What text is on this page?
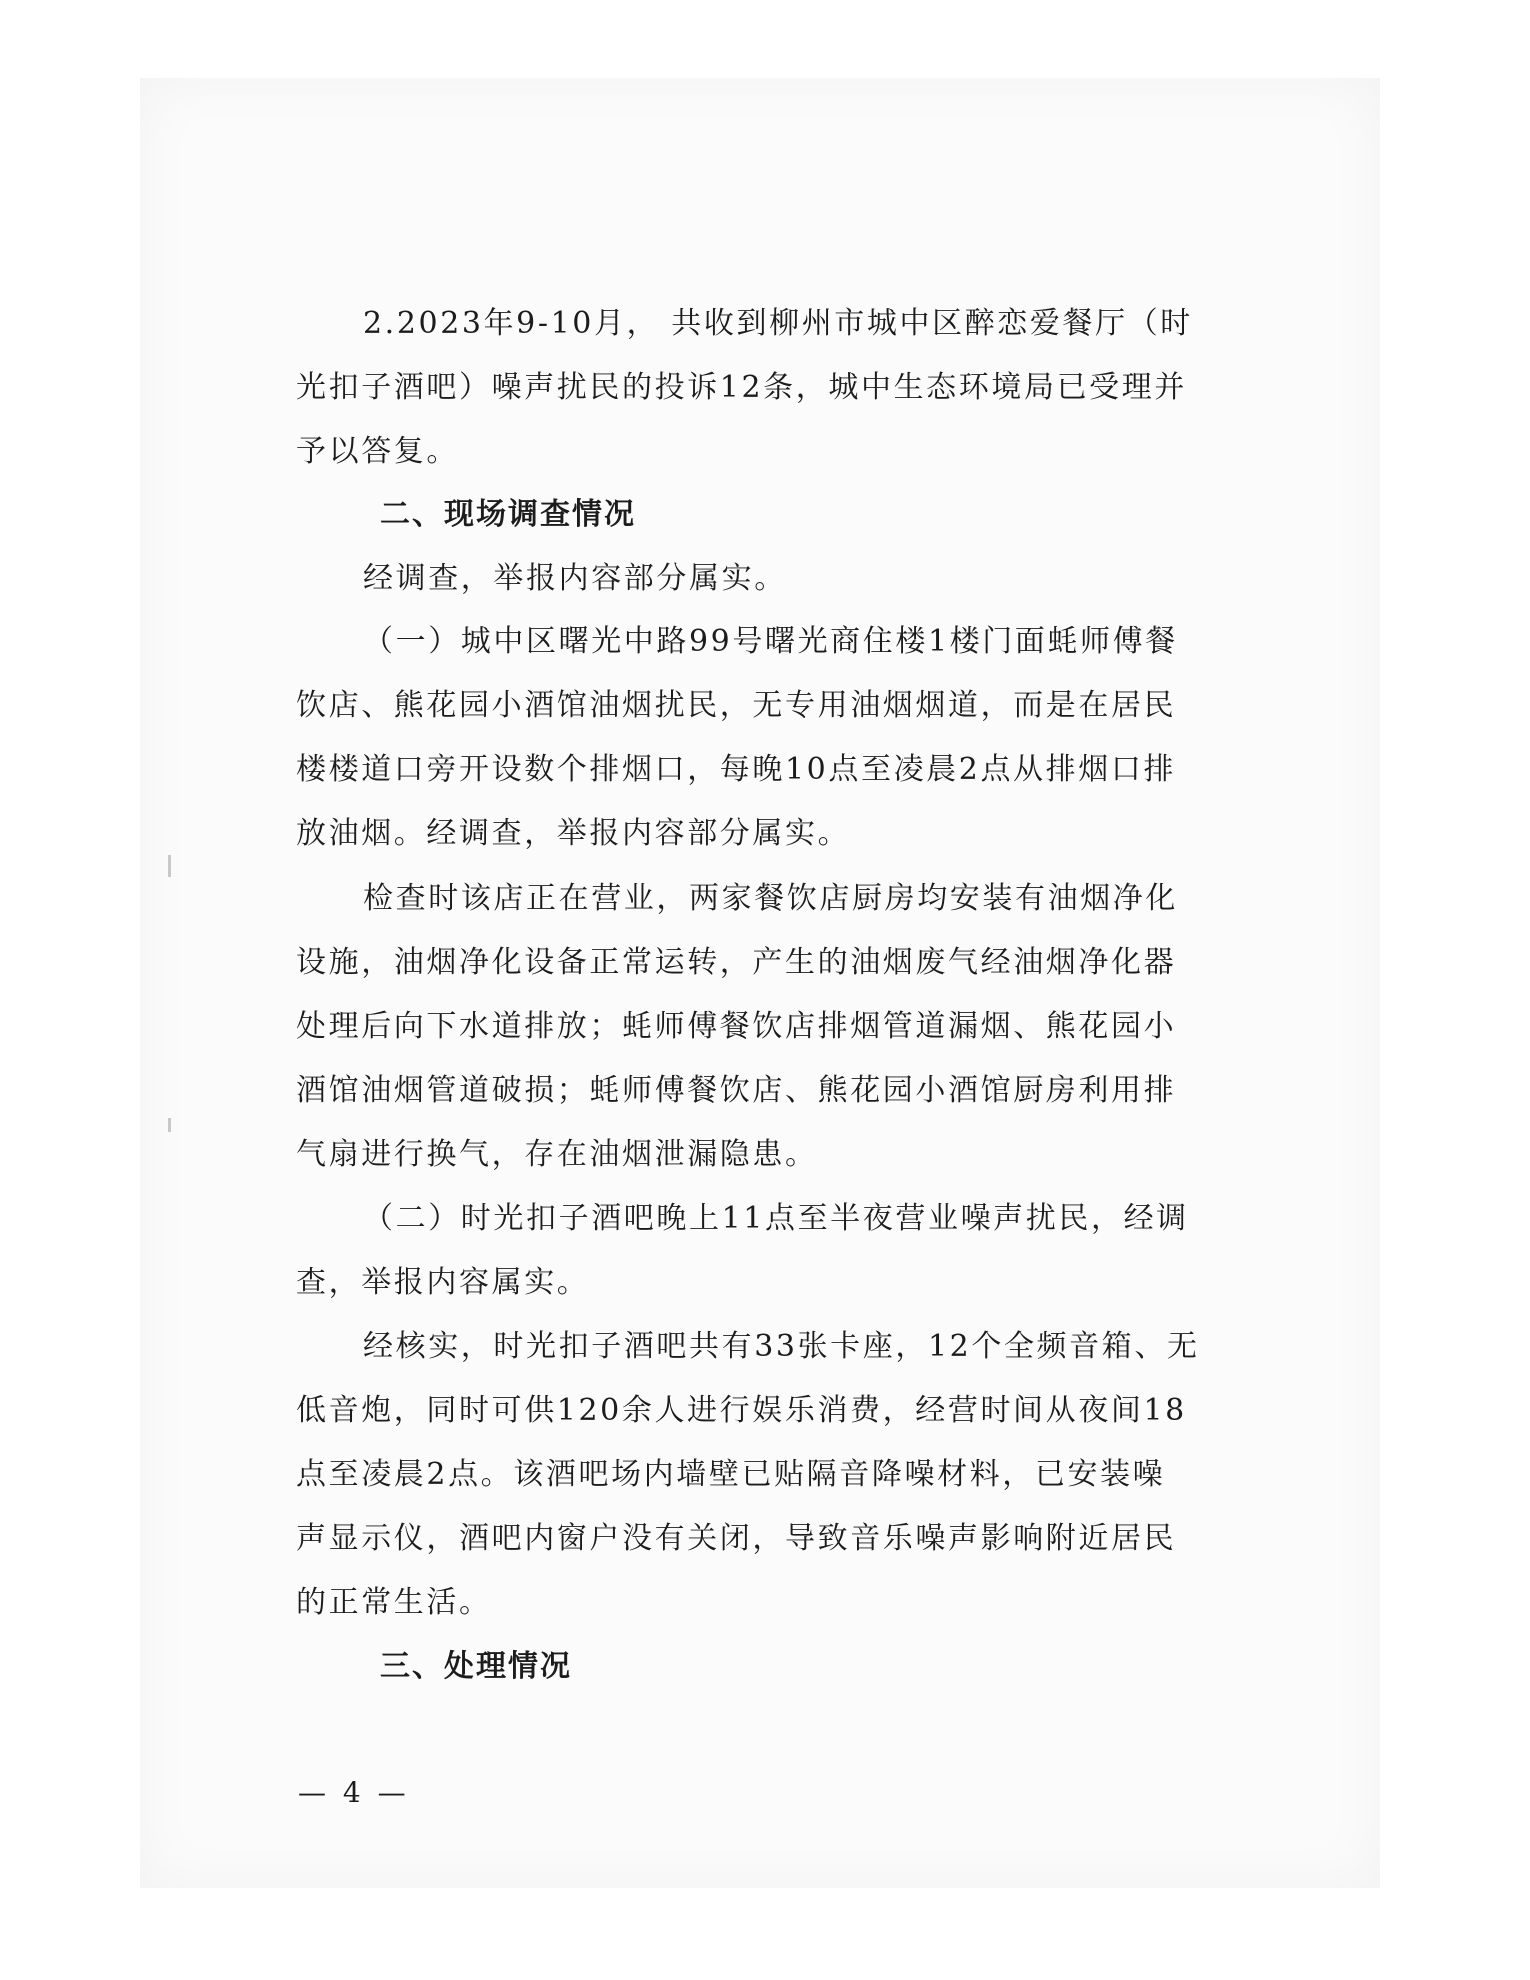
2.2023年9-10月， 共收到柳州市城中区醉恋爱餐厅（时
光扣子酒吧）噪声扰民的投诉12条，城中生态环境局已受理并
予以答复。
二、现场调查情况
经调查，举报内容部分属实。
（一）城中区曙光中路99号曙光商住楼1楼门面蚝师傅餐
饮店、熊花园小酒馆油烟扰民，无专用油烟烟道，而是在居民
楼楼道口旁开设数个排烟口，每晚10点至凌晨2点从排烟口排
放油烟。经调查，举报内容部分属实。
检查时该店正在营业，两家餐饮店厨房均安装有油烟净化
设施，油烟净化设备正常运转，产生的油烟废气经油烟净化器
处理后向下水道排放；蚝师傅餐饮店排烟管道漏烟、熊花园小
酒馆油烟管道破损；蚝师傅餐饮店、熊花园小酒馆厨房利用排
气扇进行换气，存在油烟泄漏隐患。
（二）时光扣子酒吧晚上11点至半夜营业噪声扰民，经调
查，举报内容属实。
经核实，时光扣子酒吧共有33张卡座，12个全频音箱、无
低音炮，同时可供120余人进行娱乐消费，经营时间从夜间18
点至凌晨2点。该酒吧场内墙壁已贴隔音降噪材料，已安装噪
声显示仪，酒吧内窗户没有关闭，导致音乐噪声影响附近居民
的正常生活。
三、处理情况
— 4 —
